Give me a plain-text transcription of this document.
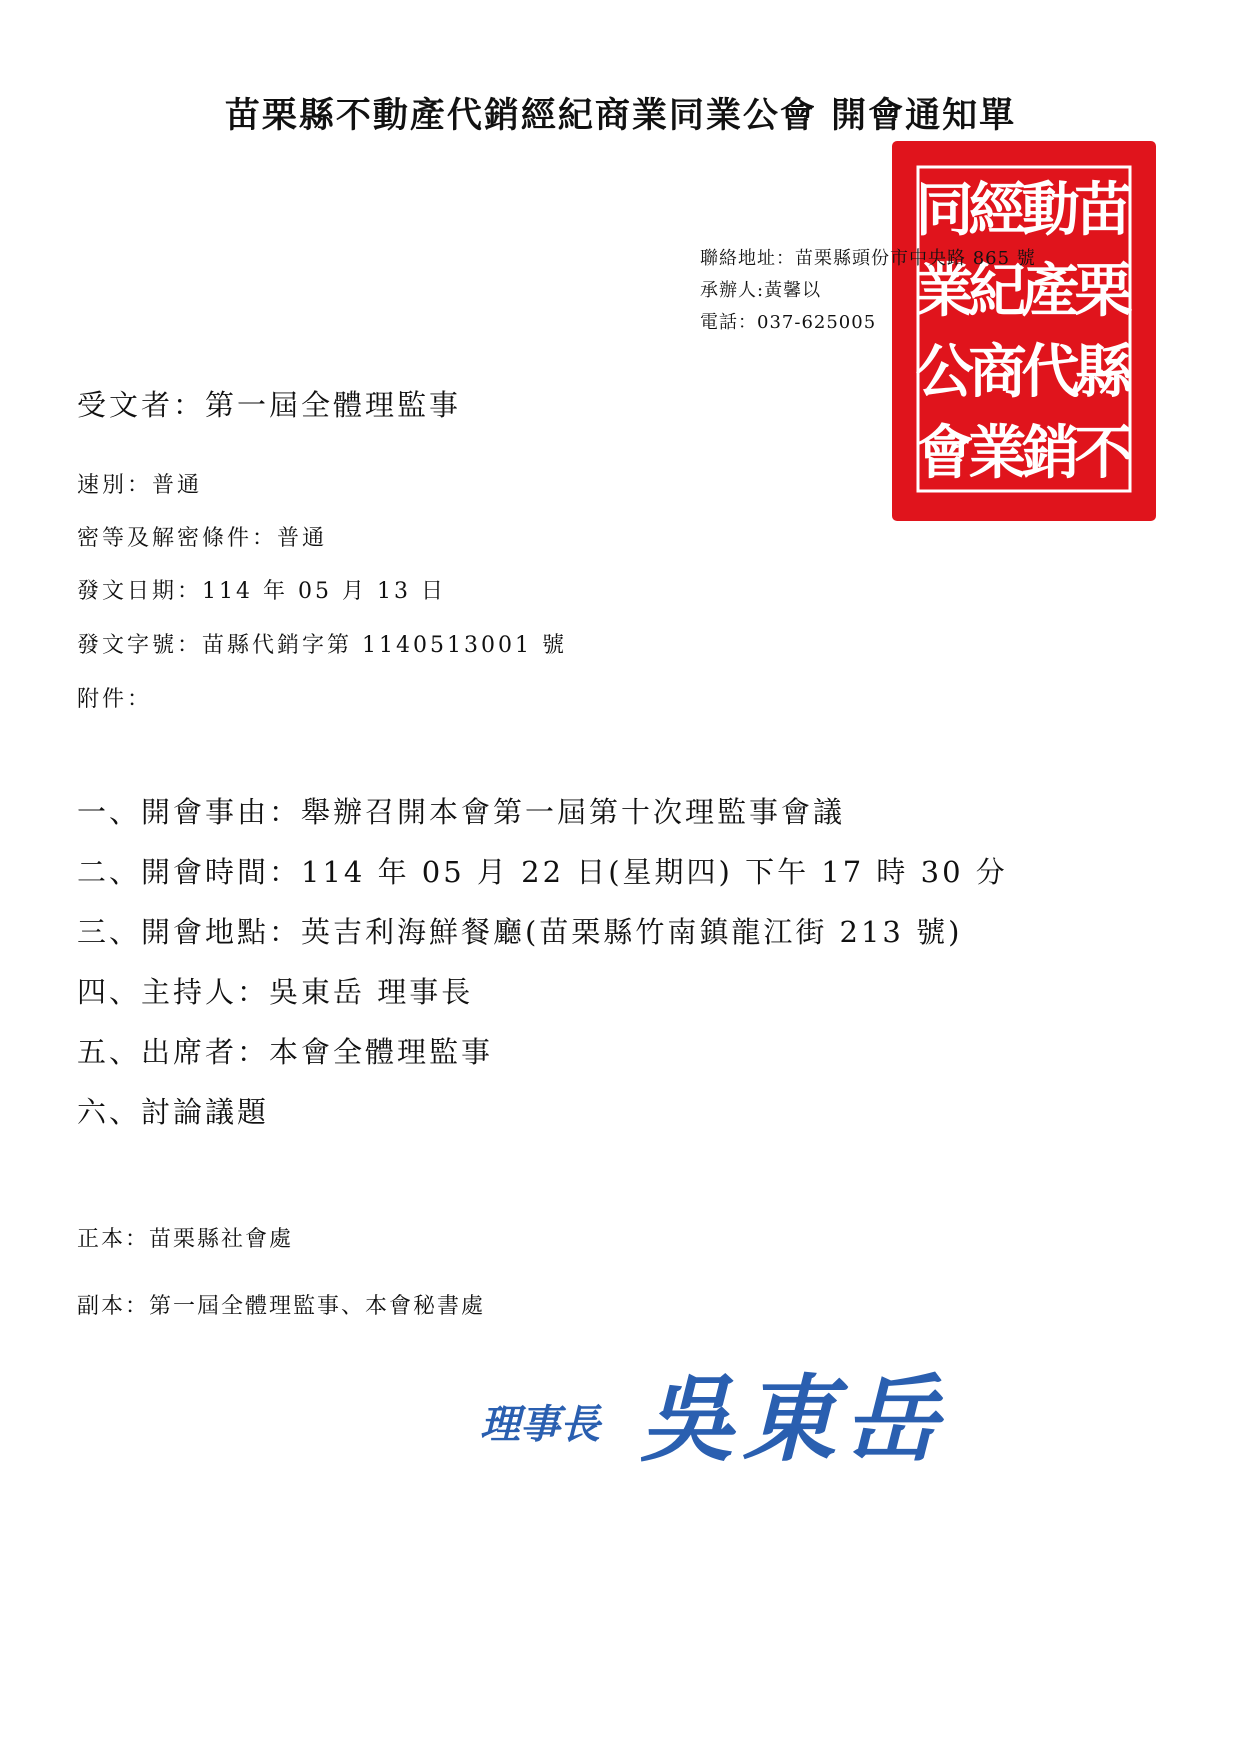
苗栗縣不動產代銷經紀商業同業公會 開會通知單
苗
栗
縣
不
動
產
代
銷
經
紀
商
業
同
業
公
會
聯絡地址：苗栗縣頭份市中央路 865 號
承辦人:黃馨以
電話：037-625005
受文者：第一屆全體理監事
速別：普通
密等及解密條件：普通
發文日期：114 年 05 月 13 日
發文字號：苗縣代銷字第 1140513001 號
附件：
一、開會事由：舉辦召開本會第一屆第十次理監事會議
二、開會時間：114 年 05 月 22 日(星期四) 下午 17 時 30 分
三、開會地點：英吉利海鮮餐廳(苗栗縣竹南鎮龍江街 213 號)
四、主持人：吳東岳 理事長
五、出席者：本會全體理監事
六、討論議題
正本：苗栗縣社會處
副本：第一屆全體理監事、本會秘書處
理事長 吳東岳
